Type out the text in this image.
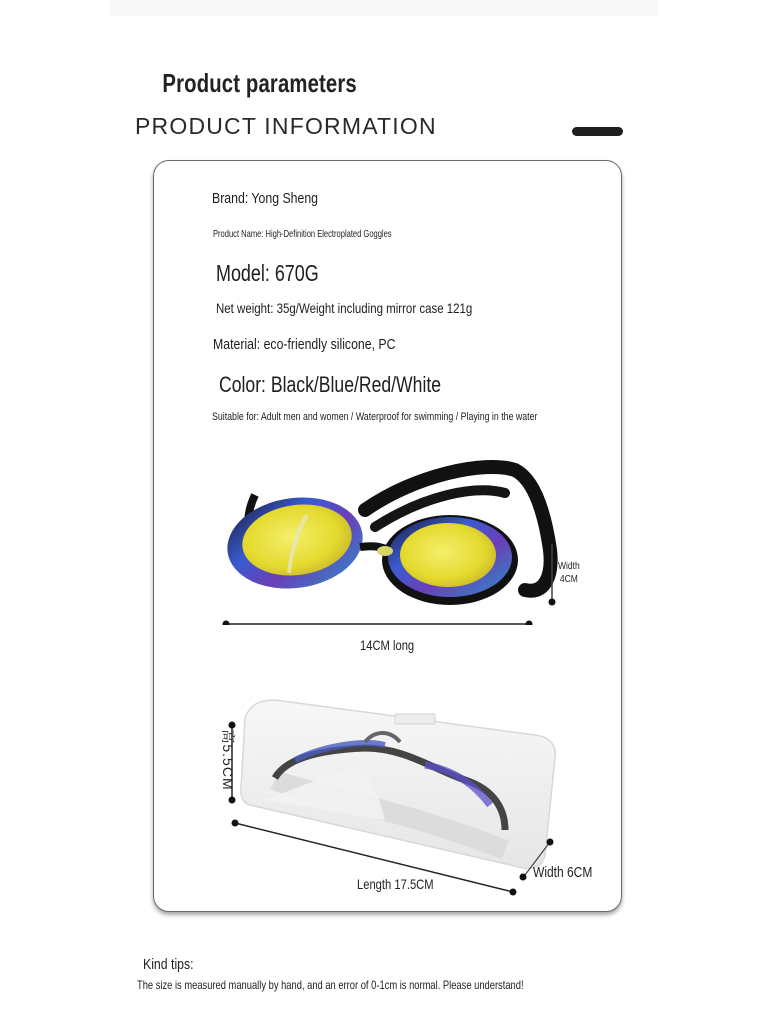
Product parameters
PRODUCT INFORMATION
Brand: Yong Sheng
Product Name: High-Definition Electroplated Goggles
Model: 670G
Net weight: 35g/Weight including mirror case 121g
Material: eco-friendly silicone, PC
Color: Black/Blue/Red/White
Suitable for: Adult men and women / Waterproof for swimming / Playing in the water
14CM long
Width
4CM
高5.5CM
Length 17.5CM
Width 6CM
Kind tips:
The size is measured manually by hand, and an error of 0-1cm is normal. Please understand!
